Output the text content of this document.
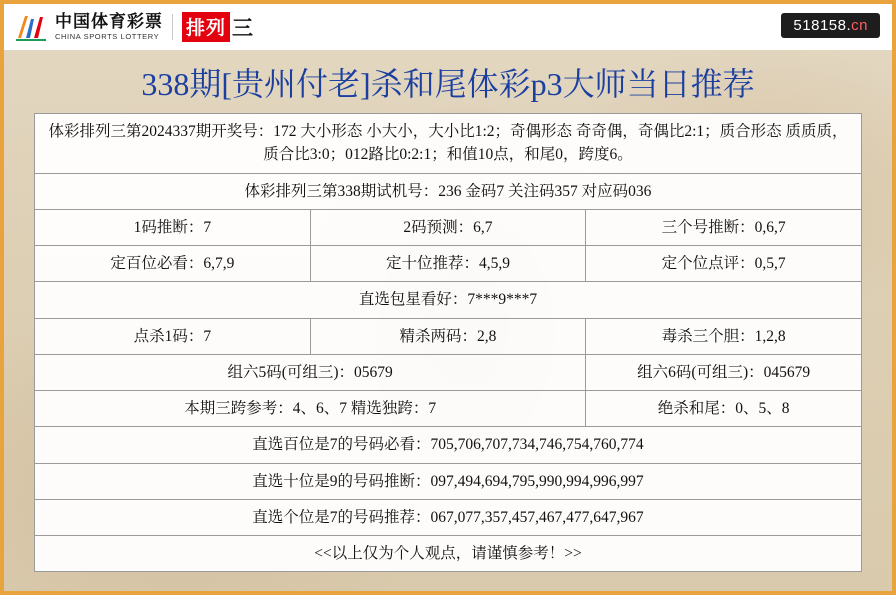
中国体育彩票
CHINA SPORTS LOTTERY 排列 三	518158.cn
338期[贵州付老]杀和尾体彩p3大师当日推荐
体彩排列三第2024337期开奖号：172 大小形态 小大小，大小比1:2；奇偶形态 奇奇偶，奇偶比2:1；质合形态 质质质，质合比3:0；012路比0:2:1；和值10点，和尾0，跨度6。		
体彩排列三第338期试机号：236 金码7 关注码357 对应码036		
1码推断：7	2码预测：6,7	三个号推断：0,6,7
定百位必看：6,7,9	定十位推荐：4,5,9	定个位点评：0,5,7
直选包星看好：7***9***7		
点杀1码：7	精杀两码：2,8	毒杀三个胆：1,2,8
组六5码(可组三)：05679		组六6码(可组三)：045679
本期三跨参考：4、6、7 精选独跨：7		绝杀和尾：0、5、8
直选百位是7的号码必看：705,706,707,734,746,754,760,774		
直选十位是9的号码推断：097,494,694,795,990,994,996,997		
直选个位是7的号码推荐：067,077,357,457,467,477,647,967		
<<以上仅为个人观点，请谨慎参考！>>		
